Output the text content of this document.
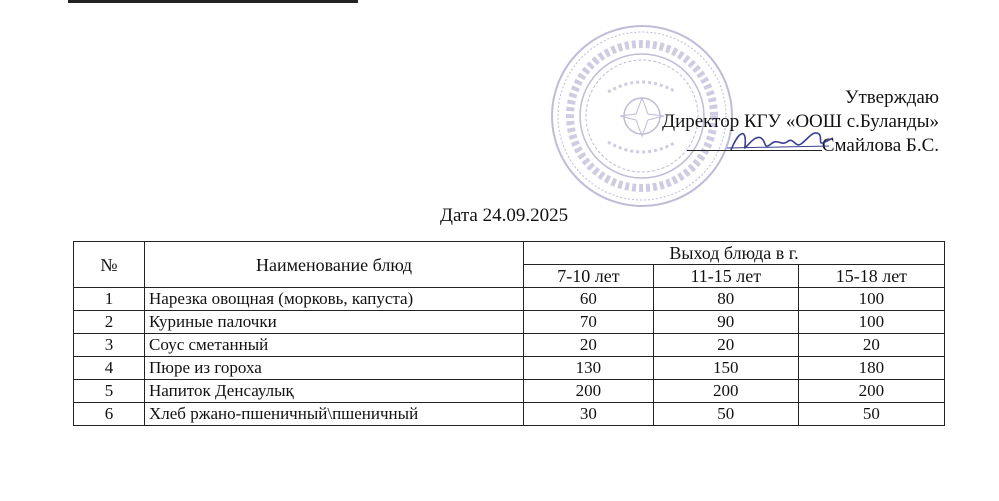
Утверждаю
Директор КГУ «ООШ с.Буланды»
Смайлова Б.С.
Дата 24.09.2025
№	Наименование блюд	Выход блюда в г.		
		7-10 лет	11-15 лет	15-18 лет
1	Нарезка овощная (морковь, капуста)	60	80	100
2	Куриные палочки	70	90	100
3	Соус сметанный	20	20	20
4	Пюре из гороха	130	150	180
5	Напиток Денсаулық	200	200	200
6	Хлеб ржано-пшеничный\пшеничный	30	50	50
